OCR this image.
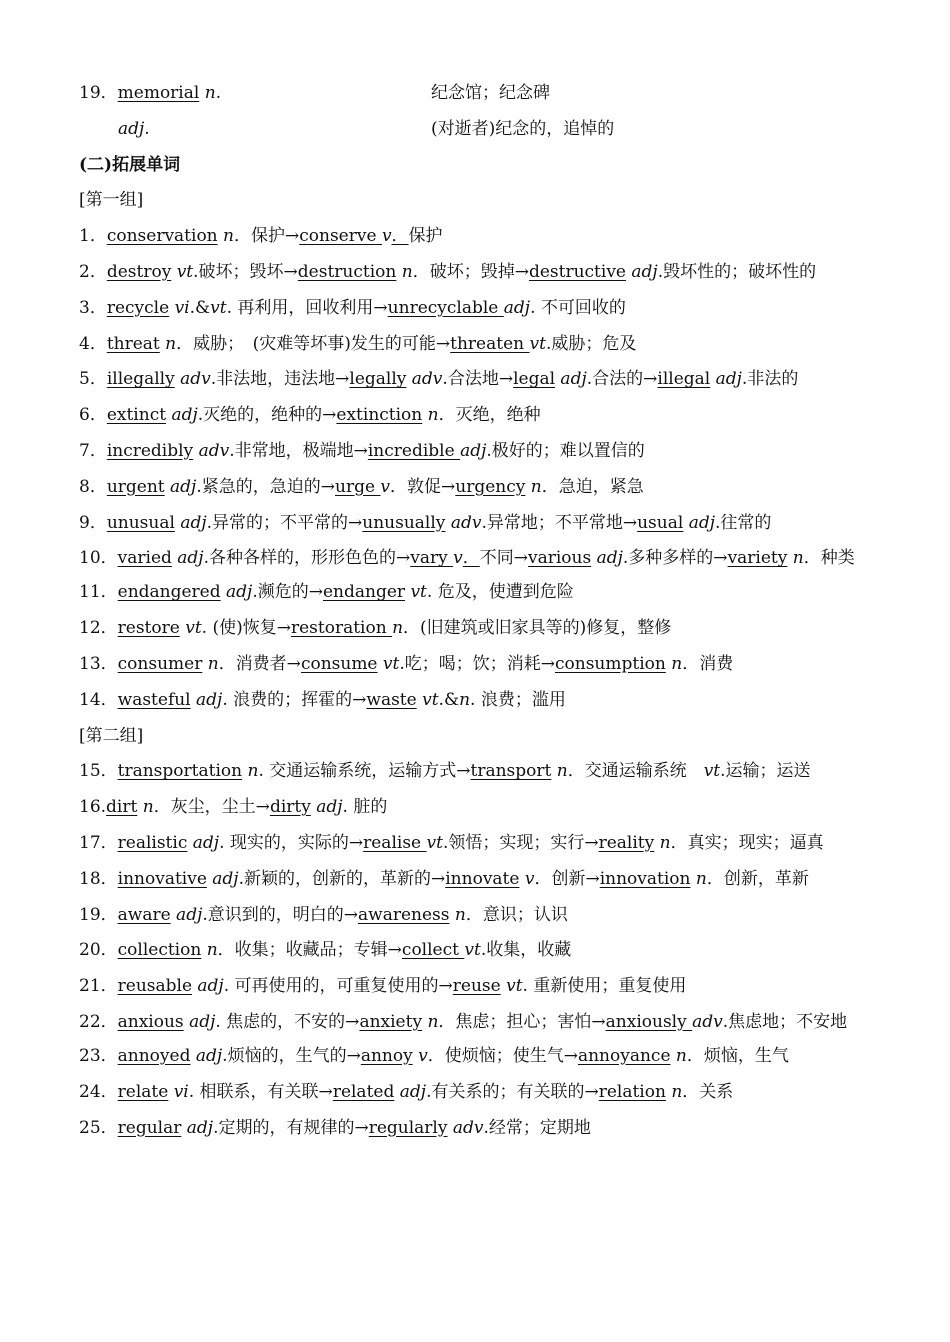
19．memorial n.	纪念馆；纪念碑
adj.	(对逝者)纪念的，追悼的
(二)拓展单词
[第一组]
1．conservation n．保护→conserve v．保护
2．destroy vt.破坏；毁坏→destruction n．破坏；毁掉→destructive adj.毁坏性的；破坏性的
3．recycle vi.&vt. 再利用，回收利用→unrecyclable adj. 不可回收的
4．threat n．威胁；　(灾难等坏事)发生的可能→threaten vt.威胁；危及
5．illegally adv.非法地，违法地→legally adv.合法地→legal adj.合法的→illegal adj.非法的
6．extinct adj.灭绝的，绝种的→extinction n．灭绝，绝种
7．incredibly adv.非常地，极端地→incredible adj.极好的；难以置信的
8．urgent adj.紧急的，急迫的→urge v．敦促→urgency n．急迫，紧急
9．unusual adj.异常的；不平常的→unusually adv.异常地；不平常地→usual adj.往常的
10．varied adj.各种各样的，形形色色的→vary v．不同→various adj.多种多样的→variety n．种类
11．endangered adj.濒危的→endanger vt. 危及，使遭到危险
12．restore vt. (使)恢复→restoration n．(旧建筑或旧家具等的)修复，整修
13．consumer n．消费者→consume vt.吃；喝；饮；消耗→consumption n．消费
14．wasteful adj. 浪费的；挥霍的→waste vt.&n. 浪费；滥用
[第二组]
15．transportation n. 交通运输系统，运输方式→transport n．交通运输系统　vt.运输；运送
16.dirt n．灰尘，尘土→dirty adj. 脏的
17．realistic adj. 现实的，实际的→realise vt.领悟；实现；实行→reality n．真实；现实；逼真
18．innovative adj.新颖的，创新的，革新的→innovate v．创新→innovation n．创新，革新
19．aware adj.意识到的，明白的→awareness n．意识；认识
20．collection n．收集；收藏品；专辑→collect vt.收集，收藏
21．reusable adj. 可再使用的，可重复使用的→reuse vt. 重新使用；重复使用
22．anxious adj. 焦虑的，不安的→anxiety n．焦虑；担心；害怕→anxiously adv.焦虑地；不安地
23．annoyed adj.烦恼的，生气的→annoy v．使烦恼；使生气→annoyance n．烦恼，生气
24．relate vi. 相联系，有关联→related adj.有关系的；有关联的→relation n．关系
25．regular adj.定期的，有规律的→regularly adv.经常；定期地
